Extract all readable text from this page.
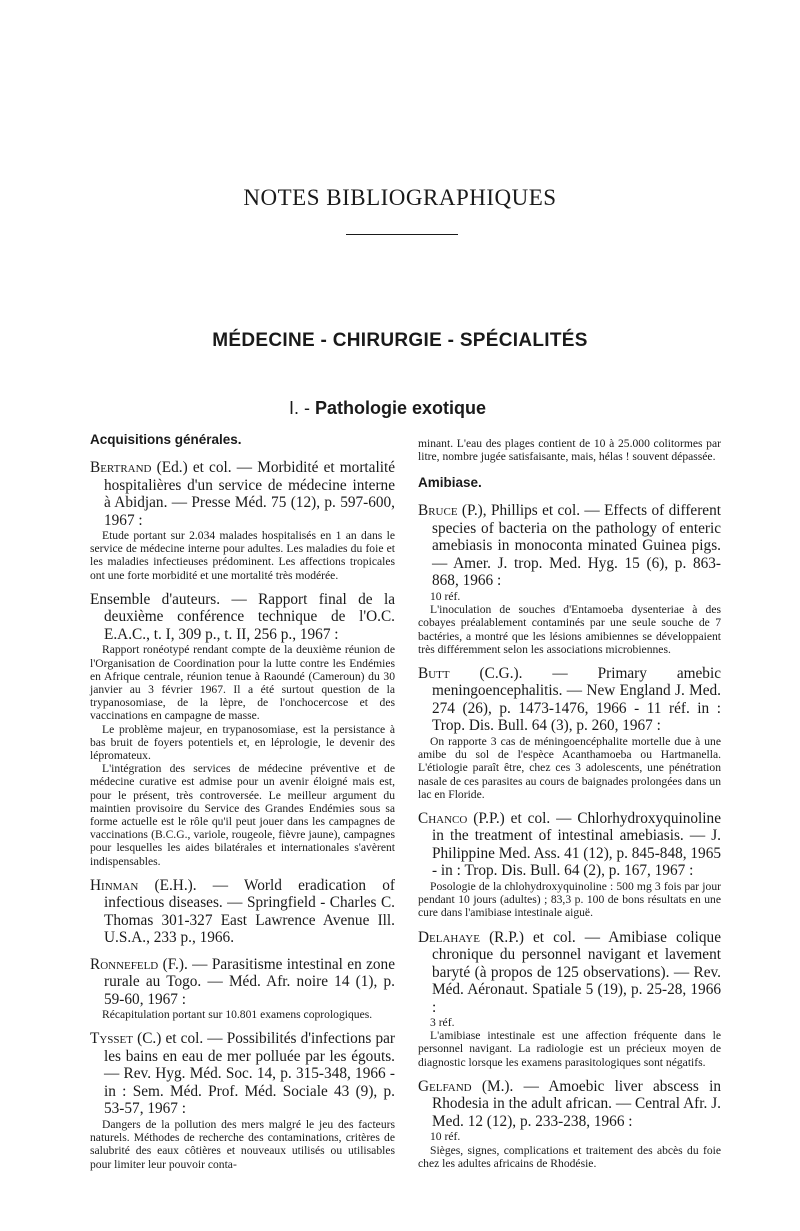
NOTES BIBLIOGRAPHIQUES
MÉDECINE - CHIRURGIE - SPÉCIALITÉS
I. - Pathologie exotique
Acquisitions générales.

Bertrand (Ed.) et col. — Morbidité et mortalité hospitalières d'un service de médecine interne à Abidjan. — Presse Méd. 75 (12), p. 597-600, 1967 :

Etude portant sur 2.034 malades hospitalisés en 1 an dans le service de médecine interne pour adultes. Les maladies du foie et les maladies infectieuses prédominent. Les affections tropicales ont une forte morbidité et une mortalité très modérée.

Ensemble d'auteurs. — Rapport final de la deuxième conférence technique de l'O.C. E.A.C., t. I, 309 p., t. II, 256 p., 1967 :

Rapport ronéotypé rendant compte de la deuxième réunion de l'Organisation de Coordination pour la lutte contre les Endémies en Afrique centrale, réunion tenue à Raoundé (Cameroun) du 30 janvier au 3 février 1967. Il a été surtout question de la trypanosomiase, de la lèpre, de l'onchocercose et des vaccinations en campagne de masse.
Le problème majeur, en trypanosomiase, est la persistance à bas bruit de foyers potentiels et, en léprologie, le devenir des lépromateux.
L'intégration des services de médecine préventive et de médecine curative est admise pour un avenir éloigné mais est, pour le présent, très controversée. Le meilleur argument du maintien provisoire du Service des Grandes Endémies sous sa forme actuelle est le rôle qu'il peut jouer dans les campagnes de vaccinations (B.C.G., variole, rougeole, fièvre jaune), campagnes pour lesquelles les aides bilatérales et internationales s'avèrent indispensables.

Hinman (E.H.). — World eradication of infectious diseases. — Springfield - Charles C. Thomas 301-327 East Lawrence Avenue Ill. U.S.A., 233 p., 1966.

Ronnefeld (F.). — Parasitisme intestinal en zone rurale au Togo. — Méd. Afr. noire 14 (1), p. 59-60, 1967 :

Récapitulation portant sur 10.801 examens coprologiques.

Tysset (C.) et col. — Possibilités d'infections par les bains en eau de mer polluée par les égouts. — Rev. Hyg. Méd. Soc. 14, p. 315-348, 1966 - in : Sem. Méd. Prof. Méd. Sociale 43 (9), p. 53-57, 1967 :

Dangers de la pollution des mers malgré le jeu des facteurs naturels. Méthodes de recherche des contaminations, critères de salubrité des eaux côtières et nouveaux utilisés ou utilisables pour limiter leur pouvoir conta-

minant. L'eau des plages contient de 10 à 25.000 colitormes par litre, nombre jugée satisfaisante, mais, hélas ! souvent dépassée.

Amibiase.

Bruce (P.), Phillips et col. — Effects of different species of bacteria on the pathology of enteric amebiasis in monoconta minated Guinea pigs. — Amer. J. trop. Med. Hyg. 15 (6), p. 863-868, 1966 :

10 réf.
L'inoculation de souches d'Entamoeba dysenteriae à des cobayes préalablement contaminés par une seule souche de 7 bactéries, a montré que les lésions amibiennes se développaient très différemment selon les associations microbiennes.

Butt (C.G.). — Primary amebic meningoencephalitis. — New England J. Med. 274 (26), p. 1473-1476, 1966 - 11 réf. in : Trop. Dis. Bull. 64 (3), p. 260, 1967 :

On rapporte 3 cas de méningoencéphalite mortelle due à une amibe du sol de l'espèce Acanthamoeba ou Hartmanella. L'étiologie paraît être, chez ces 3 adolescents, une pénétration nasale de ces parasites au cours de baignades prolongées dans un lac en Floride.

Chanco (P.P.) et col. — Chlorhydroxyquinoline in the treatment of intestinal amebiasis. — J. Philippine Med. Ass. 41 (12), p. 845-848, 1965 - in : Trop. Dis. Bull. 64 (2), p. 167, 1967 :

Posologie de la chlohydroxyquinoline : 500 mg 3 fois par jour pendant 10 jours (adultes) ; 83,3 p. 100 de bons résultats en une cure dans l'amibiase intestinale aiguë.

Delahaye (R.P.) et col. — Amibiase colique chronique du personnel navigant et lavement baryté (à propos de 125 observations). — Rev. Méd. Aéronaut. Spatiale 5 (19), p. 25-28, 1966 :

3 réf.
L'amibiase intestinale est une affection fréquente dans le personnel navigant. La radiologie est un précieux moyen de diagnostic lorsque les examens parasitologiques sont négatifs.

Gelfand (M.). — Amoebic liver abscess in Rhodesia in the adult african. — Central Afr. J. Med. 12 (12), p. 233-238, 1966 :

10 réf.
Sièges, signes, complications et traitement des abcès du foie chez les adultes africains de Rhodésie.
